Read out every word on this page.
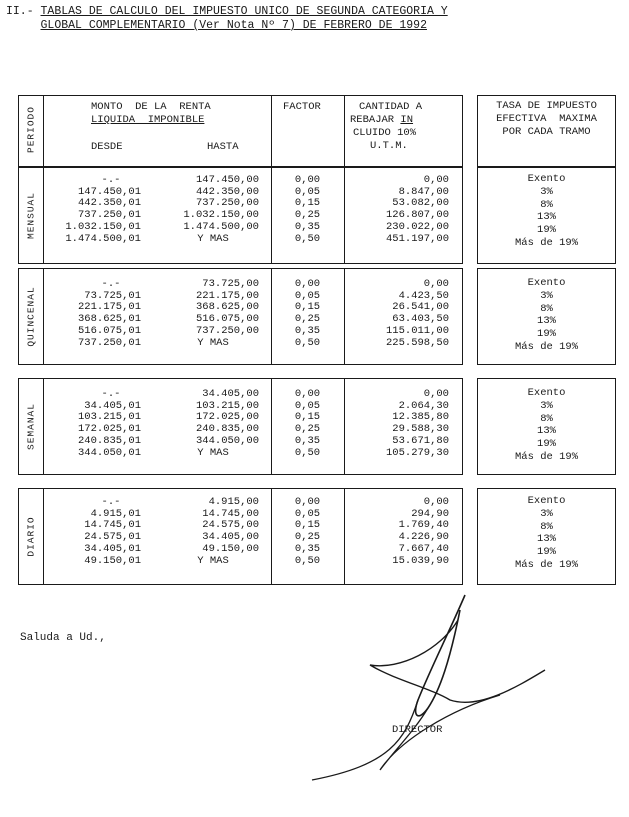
II.- TABLAS DE CALCULO DEL IMPUESTO UNICO DE SEGUNDA CATEGORIA Y
GLOBAL COMPLEMENTARIO (Ver Nota Nº 7) DE FEBRERO DE 1992
PERIODO	MONTO  DE LA  RENTA
LIQUIDA  IMPONIBLE
DESDE	HASTA
FACTOR	CANTIDAD A
REBAJAR IN
CLUIDO 10%
U.T.M.
TASA DE IMPUESTO
EFECTIVA  MAXIMA
POR CADA TRAMO
MENSUAL
-.-	147.450,00	0,00	0,00
147.450,01	442.350,00	0,05	8.847,00
442.350,01	737.250,00	0,15	53.082,00
737.250,01	1.032.150,00	0,25	126.807,00
1.032.150,01	1.474.500,00	0,35	230.022,00
1.474.500,01	Y MAS	0,50	451.197,00
Exento
3%
8%
13%
19%
Más de 19%
QUINCENAL
-.-	73.725,00	0,00	0,00
73.725,01	221.175,00	0,05	4.423,50
221.175,01	368.625,00	0,15	26.541,00
368.625,01	516.075,00	0,25	63.403,50
516.075,01	737.250,00	0,35	115.011,00
737.250,01	Y MAS	0,50	225.598,50
Exento
3%
8%
13%
19%
Más de 19%
SEMANAL
-.-	34.405,00	0,00	0,00
34.405,01	103.215,00	0,05	2.064,30
103.215,01	172.025,00	0,15	12.385,80
172.025,01	240.835,00	0,25	29.588,30
240.835,01	344.050,00	0,35	53.671,80
344.050,01	Y MAS	0,50	105.279,30
Exento
3%
8%
13%
19%
Más de 19%
DIARIO
-.-	4.915,00	0,00	0,00
4.915,01	14.745,00	0,05	294,90
14.745,01	24.575,00	0,15	1.769,40
24.575,01	34.405,00	0,25	4.226,90
34.405,01	49.150,00	0,35	7.667,40
49.150,01	Y MAS	0,50	15.039,90
Exento
3%
8%
13%
19%
Más de 19%
Saluda a Ud.,
DIRECTOR
